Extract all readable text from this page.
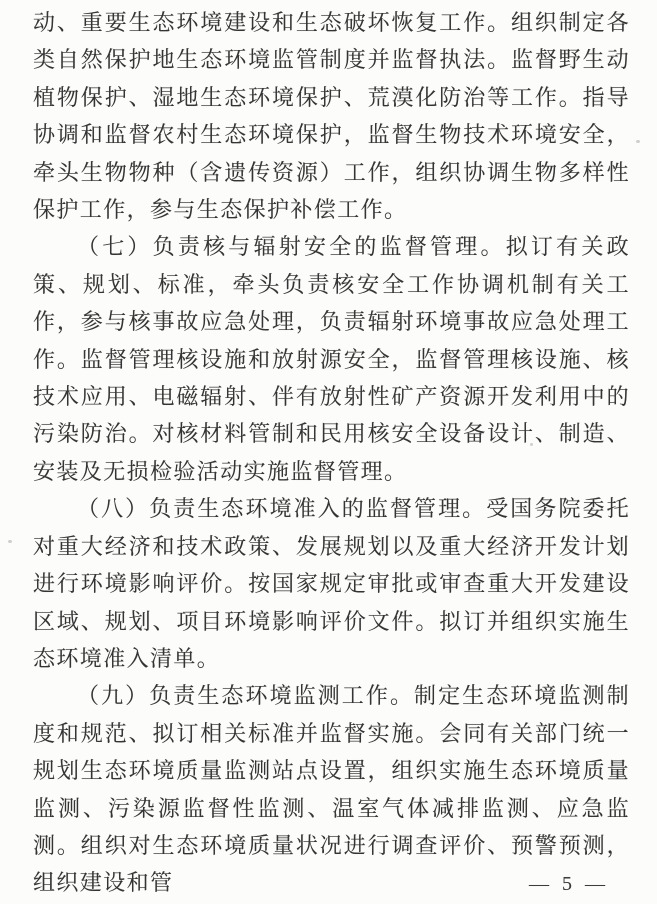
动、重要生态环境建设和生态破坏恢复工作。组织制定各类自然保护地生态环境监管制度并监督执法。监督野生动植物保护、湿地生态环境保护、荒漠化防治等工作。指导协调和监督农村生态环境保护，监督生物技术环境安全，牵头生物物种（含遗传资源）工作，组织协调生物多样性保护工作，参与生态保护补偿工作。

（七）负责核与辐射安全的监督管理。拟订有关政策、规划、标准，牵头负责核安全工作协调机制有关工作，参与核事故应急处理，负责辐射环境事故应急处理工作。监督管理核设施和放射源安全，监督管理核设施、核技术应用、电磁辐射、伴有放射性矿产资源开发利用中的污染防治。对核材料管制和民用核安全设备设计、制造、安装及无损检验活动实施监督管理。

（八）负责生态环境准入的监督管理。受国务院委托对重大经济和技术政策、发展规划以及重大经济开发计划进行环境影响评价。按国家规定审批或审查重大开发建设区域、规划、项目环境影响评价文件。拟订并组织实施生态环境准入清单。

（九）负责生态环境监测工作。制定生态环境监测制度和规范、拟订相关标准并监督实施。会同有关部门统一规划生态环境质量监测站点设置，组织实施生态环境质量监测、污染源监督性监测、温室气体减排监测、应急监测。组织对生态环境质量状况进行调查评价、预警预测，组织建设和管	— 5 —
